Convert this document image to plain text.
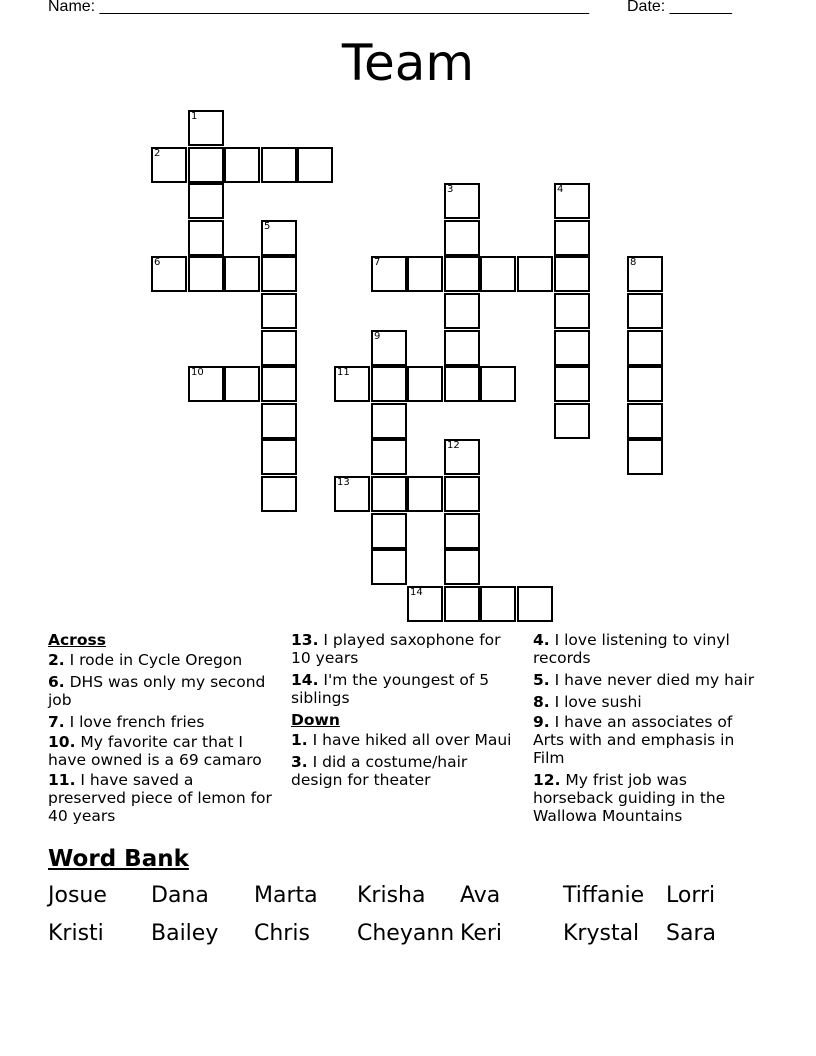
Name: _______________________________________________________ Date: _______
Team
1
2
3	4
5
6	7	8
9
10	11
12
13
14
Across
2. I rode in Cycle Oregon
6. DHS was only my second job
7. I love french fries
10. My favorite car that I have owned is a 69 camaro
11. I have saved a preserved piece of lemon for 40 years
13. I played saxophone for 10 years
14. I'm the youngest of 5 siblings
Down
1. I have hiked all over Maui
3. I did a costume/hair design for theater
4. I love listening to vinyl records
5. I have never died my hair
8. I love sushi
9. I have an associates of Arts with and emphasis in Film
12. My frist job was horseback guiding in the Wallowa Mountains
Word Bank
Josue Dana Marta Krisha Ava	Tiffanie Lorri
Kristi Bailey Chris Cheyann Keri	Krystal Sara
